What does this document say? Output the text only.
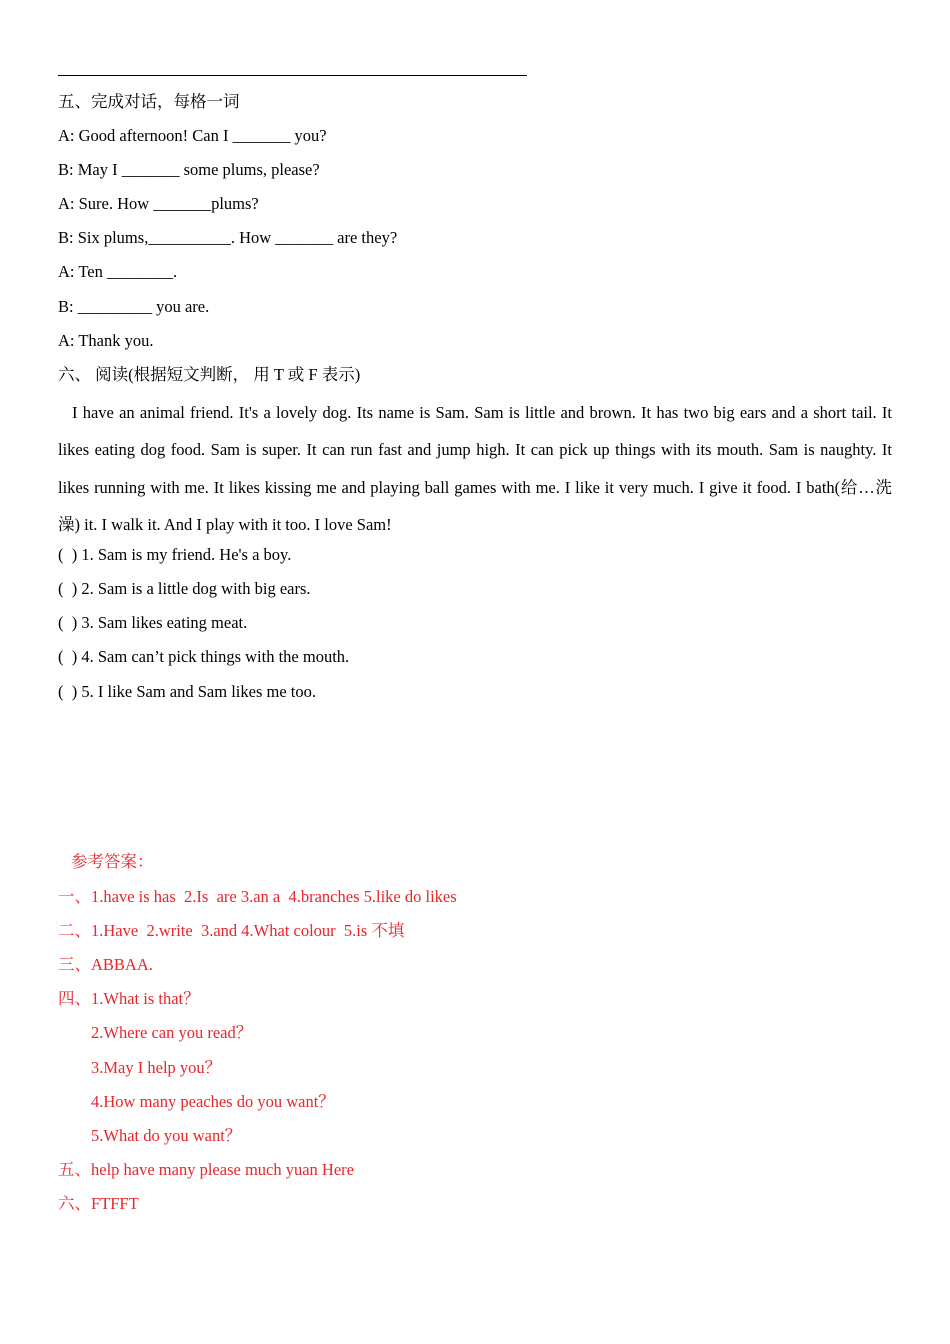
五、完成对话，每格一词
A: Good afternoon! Can I _______ you?
B: May I _______ some plums, please?
A: Sure. How _______plums?
B: Six plums,__________. How _______ are they?
A: Ten ________.
B: _________ you are.
A: Thank you.
六、 阅读(根据短文判断， 用 T 或 F 表示)
I have an animal friend. It's a lovely dog. Its name is Sam. Sam is little and brown. It has two big ears and a short tail. It likes eating dog food. Sam is super. It can run fast and jump high. It can pick up things with its mouth. Sam is naughty. It likes running with me. It likes kissing me and playing ball games with me. I like it very much. I give it food. I bath(给…洗澡) it. I walk it. And I play with it too. I love Sam!
(  ) 1. Sam is my friend. He's a boy.
(  ) 2. Sam is a little dog with big ears.
(  ) 3. Sam likes eating meat.
(  ) 4. Sam can’t pick things with the mouth.
(  ) 5. I like Sam and Sam likes me too.
参考答案：
一、1.have is has  2.Is  are 3.an a  4.branches 5.like do likes
二、1.Have  2.write  3.and 4.What colour  5.is 不填
三、ABBAA.
四、1.What is that？
2.Where can you read？
3.May I help you？
4.How many peaches do you want？
5.What do you want？
五、help have many please much yuan Here
六、FTFFT
